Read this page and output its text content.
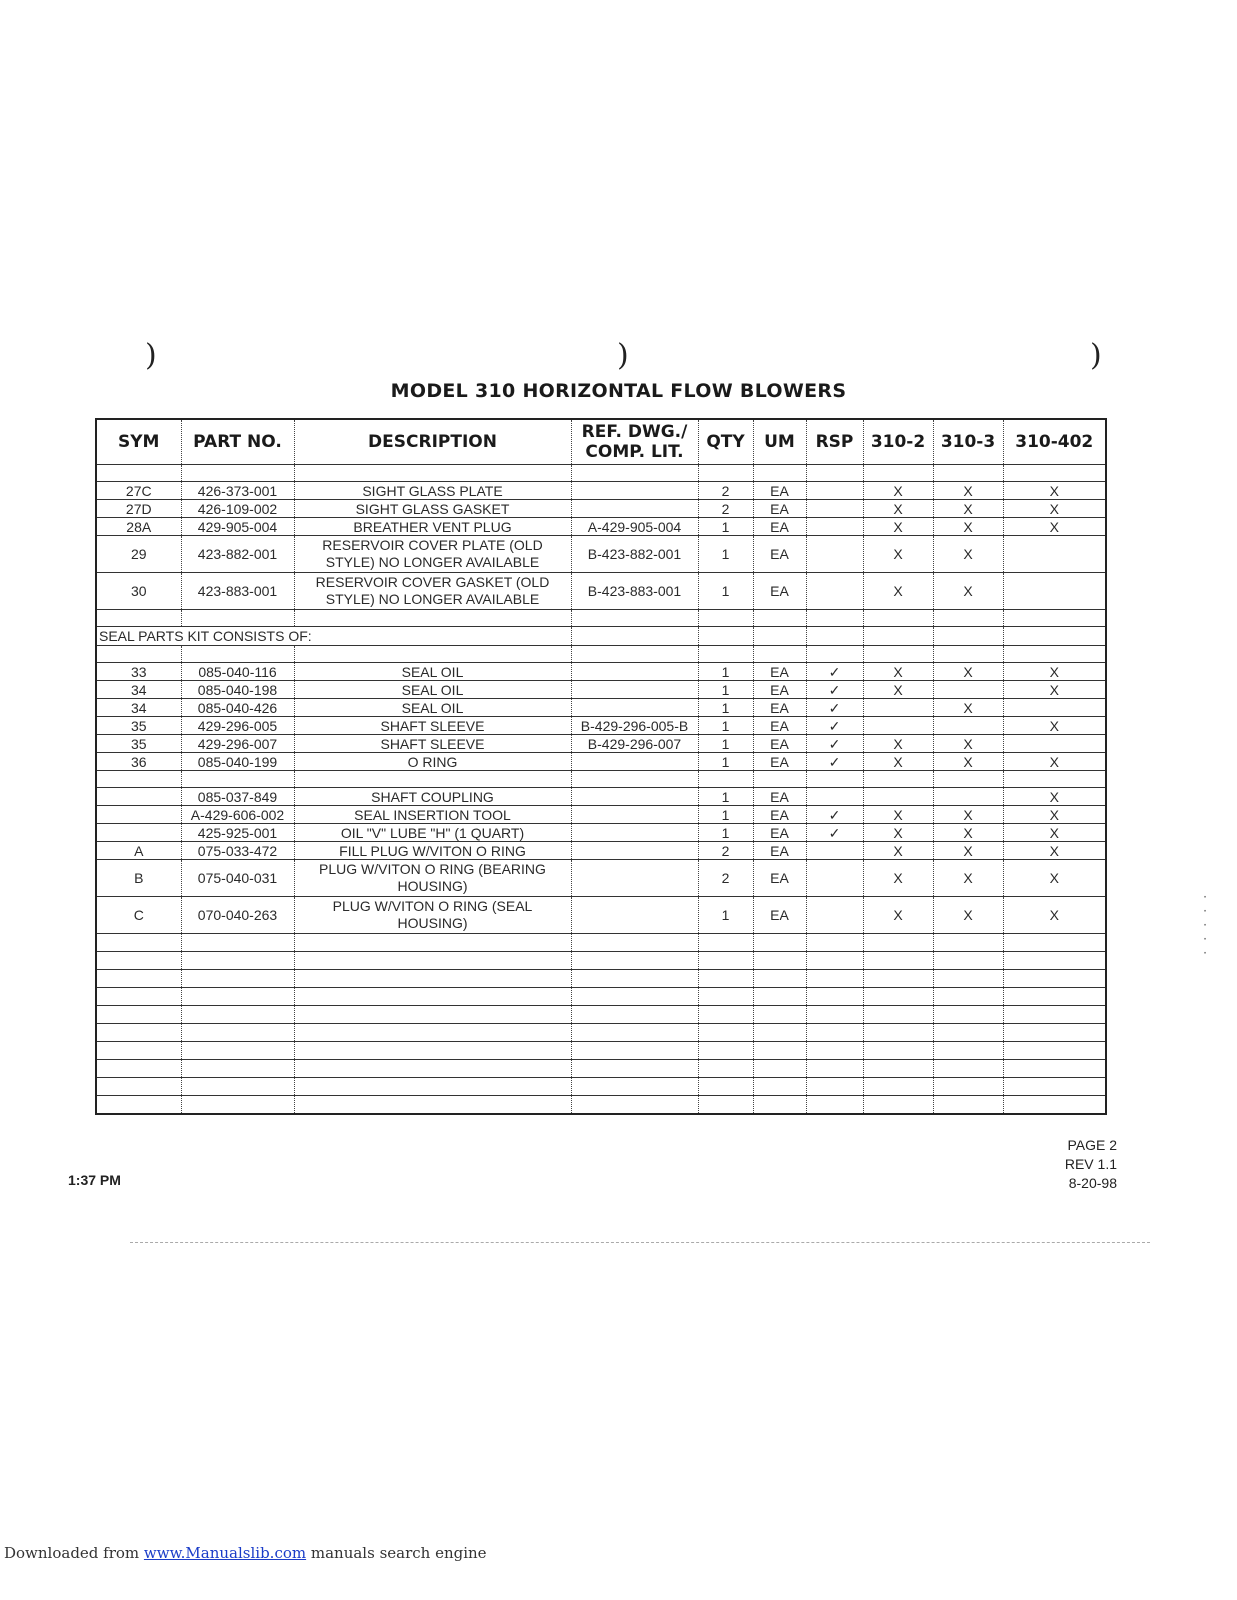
)	)	)
MODEL 310 HORIZONTAL FLOW BLOWERS
SYM	PART NO.	DESCRIPTION	REF. DWG./ COMP. LIT.	QTY	UM	RSP	310-2	310-3	310-402

27C	426-373-001	SIGHT GLASS PLATE		2	EA		X	X	X
27D	426-109-002	SIGHT GLASS GASKET		2	EA		X	X	X
28A	429-905-004	BREATHER VENT PLUG	A-429-905-004	1	EA		X	X	X
29	423-882-001	RESERVOIR COVER PLATE (OLD STYLE) NO LONGER AVAILABLE	B-423-882-001	1	EA		X	X	
30	423-883-001	RESERVOIR COVER GASKET (OLD STYLE) NO LONGER AVAILABLE	B-423-883-001	1	EA		X	X	

SEAL PARTS KIT CONSISTS OF:									

33	085-040-116	SEAL OIL		1	EA	✓	X	X	X
34	085-040-198	SEAL OIL		1	EA	✓	X		X
34	085-040-426	SEAL OIL		1	EA	✓		X	
35	429-296-005	SHAFT SLEEVE	B-429-296-005-B	1	EA	✓			X
35	429-296-007	SHAFT SLEEVE	B-429-296-007	1	EA	✓	X	X	
36	085-040-199	O RING		1	EA	✓	X	X	X

	085-037-849	SHAFT COUPLING		1	EA				X
	A-429-606-002	SEAL INSERTION TOOL		1	EA	✓	X	X	X
	425-925-001	OIL "V" LUBE "H" (1 QUART)		1	EA	✓	X	X	X
A	075-033-472	FILL PLUG W/VITON O RING		2	EA		X	X	X
B	075-040-031	PLUG W/VITON O RING (BEARING HOUSING)		2	EA		X	X	X
C	070-040-263	PLUG W/VITON O RING (SEAL HOUSING)		1	EA		X	X	X

PAGE 2
REV 1.1
8-20-98
1:37 PM
·
·
·
·
·
Downloaded from www.Manualslib.com manuals search engine
